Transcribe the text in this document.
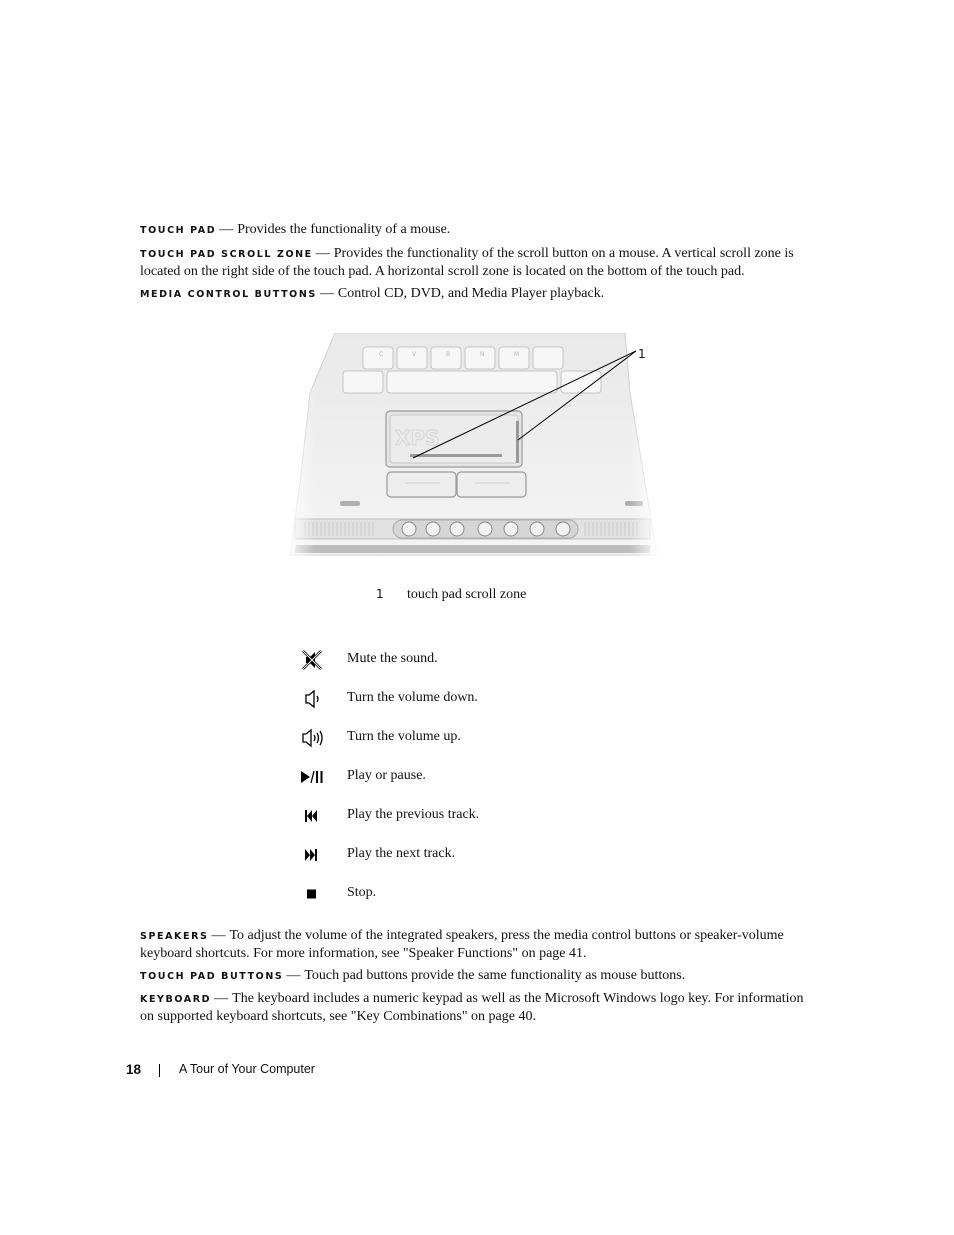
TOUCH PAD — Provides the functionality of a mouse.

TOUCH PAD SCROLL ZONE — Provides the functionality of the scroll button on a mouse. A vertical scroll zone is located on the right side of the touch pad. A horizontal scroll zone is located on the bottom of the touch pad.

MEDIA CONTROL BUTTONS — Control CD, DVD, and Media Player playback.

1
1 touch pad scroll zone
Mute the sound.
Turn the volume down.
Turn the volume up.
Play or pause.
Play the previous track.
Play the next track.
Stop.

SPEAKERS — To adjust the volume of the integrated speakers, press the media control buttons or speaker-volume keyboard shortcuts. For more information, see "Speaker Functions" on page 41.

TOUCH PAD BUTTONS — Touch pad buttons provide the same functionality as mouse buttons.

KEYBOARD — The keyboard includes a numeric keypad as well as the Microsoft Windows logo key. For information on supported keyboard shortcuts, see "Key Combinations" on page 40.

18	A Tour of Your Computer
